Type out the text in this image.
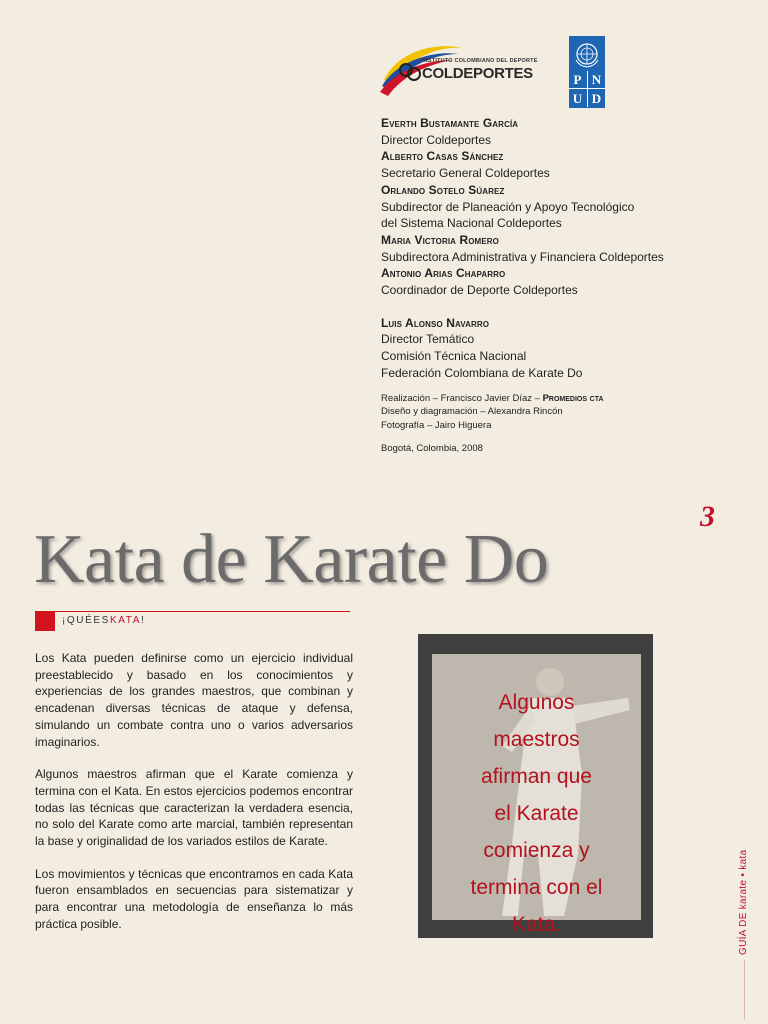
INSTITUTO COLOMBIANO DEL DEPORTE
COLDEPORTES	P N
U D
Everth Bustamante García
Director Coldeportes
Alberto Casas Sánchez
Secretario General Coldeportes
Orlando Sotelo Súarez
Subdirector de Planeación y Apoyo Tecnológico
del Sistema Nacional Coldeportes
Maria Victoria Romero
Subdirectora Administrativa y Financiera Coldeportes
Antonio Arias Chaparro
Coordinador de Deporte Coldeportes
Luis Alonso Navarro
Director Temático
Comisión Técnica Nacional
Federación Colombiana de Karate Do
Realización – Francisco Javier Díaz – Promedios cta
Diseño y diagramación – Alexandra Rincón
Fotografía – Jairo Higuera
Bogotá, Colombia, 2008
3
Kata de Karate Do
¡QUÉESKATA!

Los Kata pueden definirse como un ejercicio individual preestablecido y basado en los conocimientos y experiencias de los grandes maestros, que combinan y encadenan diversas técnicas de ataque y defensa, simulando un combate contra uno o varios adversarios imaginarios.

Algunos maestros afirman que el Karate comienza y termina con el Kata. En estos ejercicios podemos encontrar todas las técnicas que caracterizan la verdadera esencia, no solo del Karate como arte marcial, también representan la base y originalidad de los variados estilos de Karate.

Los movimientos y técnicas que encontramos en cada Kata fueron ensamblados en secuencias para sistematizar y para encontrar una metodología de enseñanza lo más práctica posible.

Algunos
maestros
afirman que
el Karate
comienza y
termina con el
Kata.	GUÍA DE karate • kata
